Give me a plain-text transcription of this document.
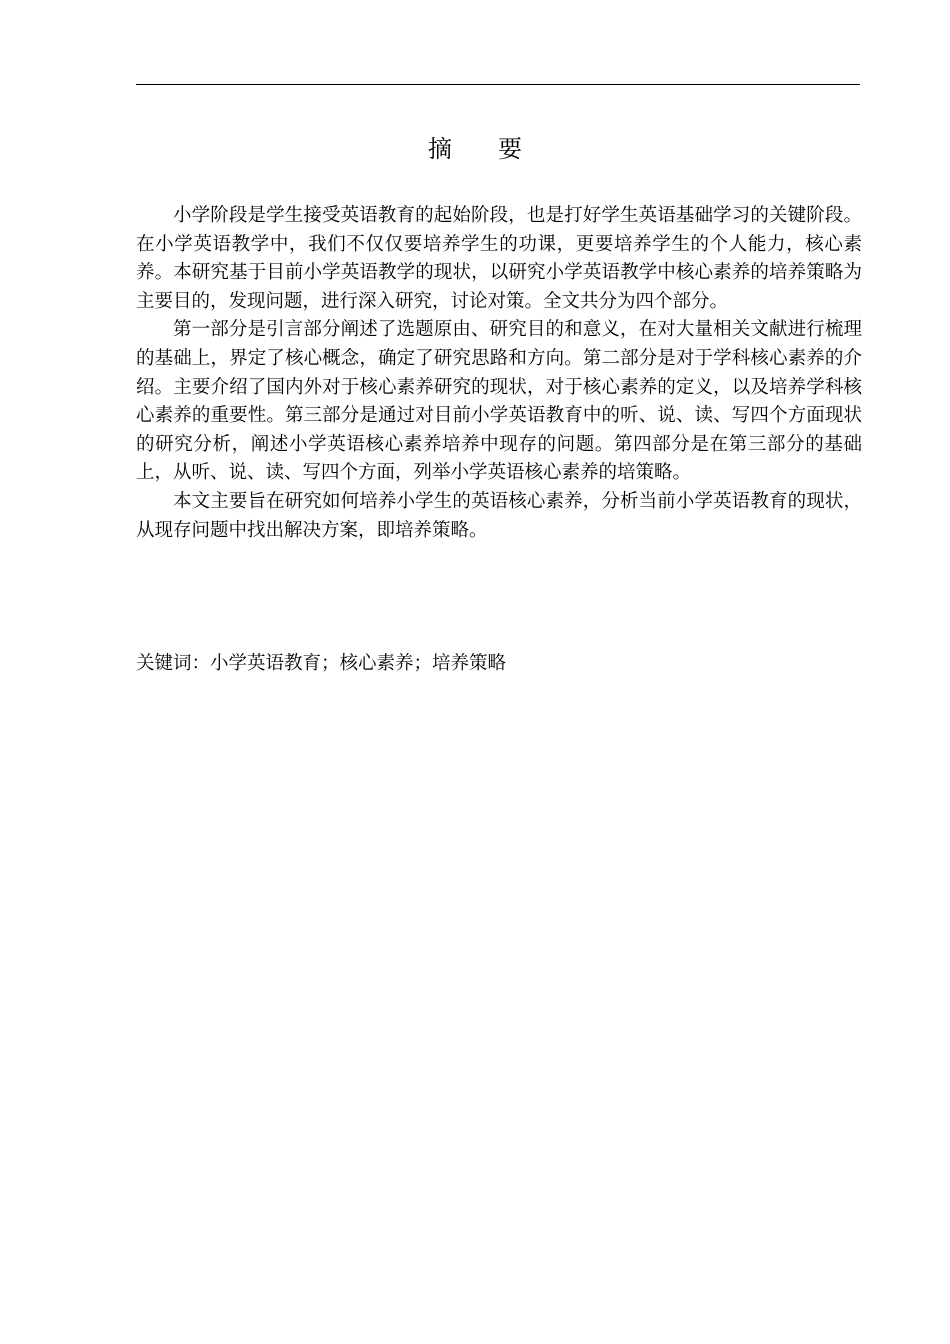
摘 要

小学阶段是学生接受英语教育的起始阶段，也是打好学生英语基础学习的关键阶段。在小学英语教学中，我们不仅仅要培养学生的功课，更要培养学生的个人能力，核心素养。本研究基于目前小学英语教学的现状，以研究小学英语教学中核心素养的培养策略为主要目的，发现问题，进行深入研究，讨论对策。全文共分为四个部分。

第一部分是引言部分阐述了选题原由、研究目的和意义，在对大量相关文献进行梳理的基础上，界定了核心概念，确定了研究思路和方向。第二部分是对于学科核心素养的介绍。主要介绍了国内外对于核心素养研究的现状，对于核心素养的定义，以及培养学科核心素养的重要性。第三部分是通过对目前小学英语教育中的听、说、读、写四个方面现状的研究分析，阐述小学英语核心素养培养中现存的问题。第四部分是在第三部分的基础上，从听、说、读、写四个方面，列举小学英语核心素养的培策略。

本文主要旨在研究如何培养小学生的英语核心素养，分析当前小学英语教育的现状，从现存问题中找出解决方案，即培养策略。

关键词：小学英语教育；核心素养；培养策略
